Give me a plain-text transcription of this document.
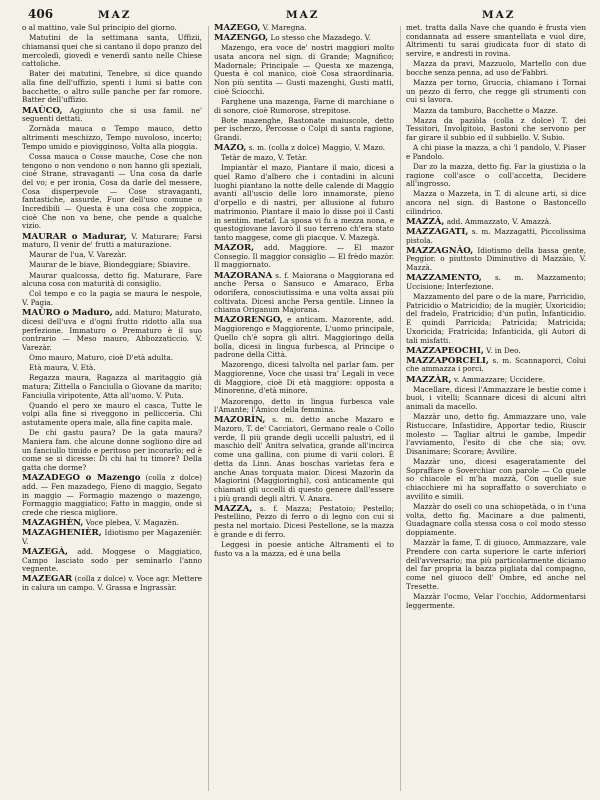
406	MAZ	MAZ	MAZ

o al mattino, vale Sul principio del giorno.

Matutini de la settimana santa, Uffizii, chiamansi quei che si cantano il dopo pranzo del mercoledì, giovedì e venerdì santo nelle Chiese cattoliche.

Bater dei matutini, Tenebre, si dice quando alla fine dell'uffizio, spenti i lumi si batte con bacchette, o altro sulle panche per far romore. Batter dell'uffizio.

MAÙCO, Aggiunto che si usa famil. ne' seguenti dettati.

Zornàda mauca o Tempo mauco, detto altrimenti meschizzo, Tempo nuvoloso, incerto; Tempo umido e piovigginoso, Volta alla pioggia.

Cossa mauca o Cosse mauche, Cose che non tengono o non vendono o non hanno gli speziali, cioè Strane, stravaganti — Una cosa da darle del vo; e per ironia, Cosa da darle del messere, Cosa disperpevole — Cose stravaganti, fantastiche, assurde, Fuor dell'uso comune o Incredibili — Questa è una cosa che zoppica, cioè Che non va bene, che pende a qualche vizio.

MAURAR o Madurar, V. Maturare; Farsi maturo, Il venir de' frutti a maturazione.

Maurar de l'ua, V. Varezàr.

Maurar de le biave, Biondeggiare; Sbiavire.

Maurar qualcossa, detto fig. Maturare, Fare alcuna cosa con maturità di consiglio.

Col tempo e co la pagia se maura le nespole, V. Pagia.

MAÙRO o Maduro, add. Maturo; Maturato, dicesi dell'uva e d'ogni frutto ridotto alla sua perfezione. Immaturo o Prematuro è il suo contrario — Meso mauro, Abbozzaticcio. V. Varezàr.

Omo mauro, Maturo, cioè D'età adulta.

Età maura, V. Età.

Regazza maura, Ragazza al maritaggio già matura; Zittella o Fanciulla o Giovane da marito; Fanciulla viripotente, Atta all'uomo. V. Puta.

Quando el pero xe mauro el casca, Tutte le volpi alla fine si riveggono in pellicceria. Chi astutamente opera male, alla fine capita male.

De chi gastu paura? De la gata maura? Maniera fam. che alcune donne sogliono dire ad un fanciullo timido e peritoso per incorarlo; ed è come se si dicesse: Di chi hai tu timore? Della gatta che dorme?

MAZADEGO o Mazengo (colla z dolce) add. — Fen mazadego, Fieno di maggio, Segato in maggio — Formagio mazengo o mazengo, Formaggio maggiatico; Fatto in maggio, onde si crede che riesca migliore.

MAZAGHÈN, Voce plebea, V. Magazèn.

MAZAGHENIÈR, Idiotismo per Magazenièr. V.

MAZEGÀ, add. Moggese o Maggiatico, Campo lasciato sodo per seminarlo l'anno vegnente.

MAZEGAR (colla z dolce) v. Voce agr. Mettere in calura un campo. V. Grassa e Ingrassàr.

MAZÈGO, V. Maregna.

MAZENGO, Lo stesso che Mazadego. V.

Mazengo, era voce de' nostri maggiori molto usata ancora nel sign. di Grande; Magnifico; Madornale; Principale — Questa xe mazenga, Questa è col manico, cioè Cosa straordinaria. Non più sentita — Gusti mazenghi, Gusti matti, cioè Sciocchi.

Farghene una mazenga, Farne di marchiane o di sonore, cioè Rumorose, strepitose.

Bote mazenghe, Bastonate maiuscole, detto per ischerzo, Percosse o Colpi di santa ragione, Grandi.

MAZO, s. m. (colla z dolce) Maggio, V. Mazo.

Tetàr de mazo, V. Tetàr.

Impiantàr el mazo, Piantare il maio, dicesi a quel Ramo d'albero che i contadini in alcuni luoghi piantano la notte delle calende di Maggio avanti all'uscio delle loro innamorate, pieno d'orpello e di nastri, per allusione al futuro matrimonio. Piantare il maio lo disse poi il Casti in sentim. metaf. La sposa vi fu a mezza nona, e questogiovane lavorò il suo terreno ch'era stato tanto maggese, come gli piacque. V. Mazegà.

MAZOR, add. Maggiore. — El mazor Consegio. Il maggior consiglio — El frèdo mazòr. Il maggiornato.

MAZORANA s. f. Maiorana o Maggiorana ed anche Persa o Sansuco e Amaraco, Erba odorifera, conosciutissima e una volta assai più coltivata. Dicesi anche Persa gentile. Linneo la chiama Origanum Majorana.

MAZORENGO, e anticam. Mazorente, add. Maggiorengo e Maggiorente, L'uomo principale, Quello ch'è sopra gli altri. Maggioringo della bolla, dicesi in lingua furbesca, al Principe o padrone della Città.

Mazorengo, dicesi talvolta nel parlar fam. per Maggiorenne, Voce che usasi tra' Legali in vece di Maggiore, cioè Di età maggiore: opposta a Minorenne, d'età minore.

Mazorengo, detto in lingua furbesca vale l'Amante; l'Amico della femmina.

MAZORÌN, s. m. detto anche Mazaro e Mazoro, T. de' Cacciatori, Germano reale o Collo verde, Il più grande degli uccelli palustri, ed il maschio dell' Anitra selvatica, grande all'incirca come una gallina, con piume di varii colori. È detta da Linn. Anas boschas varietas fera e anche Anas torquata maior. Dicesi Mazorìn da Magiorini (Maggioringhi), così anticamente qui chiamati gli uccelli di questo genere dall'essere i più grandi degli altri. V. Anara.

MAZZA, s. f. Mazza; Pestatoio; Pestello; Pestellino, Pezzo di ferro o di legno con cui si pesta nel mortaio. Dicesi Pestellone, se la mazza è grande e di ferro.

Leggesi in poesie antiche Altramenti el to fusto va a la mazza, ed è una bella

met. tratta dalla Nave che quando è frusta vien condannata ad essere smantellata e vuol dire, Altrimenti tu sarai giudicata fuor di stato di servire, e andresti in rovina.

Mazza da pravi, Mazzuolo, Martello con due bocche senza penna, ad uso de'Fabbri.

Mazza per torno, Gruccia, chiamano i Tornai un pezzo di ferro, che regge gli strumenti con cui si lavora.

Mazza da tamburo, Bacchette o Mazze.

Mazza da paziòla (colla z dolce) T. dei Tessitori, Involgitoio, Bastoni che servono per far girare il subbio ed il subbiello. V. Subio.

A chi piase la mazza, a chi 'l pandolo, V. Piaser e Pandolo.

Dar zo la mazza, detto fig. Far la giustizia o la ragione coll'asce o coll'accetta, Decidere all'ingrosso.

Mazza o Mazzeta, in T. di alcune arti, si dice ancora nel sign. di Bastone o Bastoncello cilindrico.

MAZZÀ, add. Ammazzato, V. Amazzà.

MAZZAGATI, s. m. Mazzagatti, Piccolissima pistola.

MAZZAGNÀO, Idiotismo della bassa gente, Peggior. o piuttosto Diminutivo di Mazzàio, V. Mazzà.

MAZZAMENTO, s. m. Mazzamento; Uccisione; Interfezione.

Mazzamento del pare o de la mare, Parricidio, Patricidio o Matricidio; de la mugièr, Uxoricidio; del fradelo, Fratricidio; d'un putìn, Infanticidio. E quindi Parricida; Patricida; Matricida; Uxoricida; Fratricida; Infanticida, gli Autori di tali misfatti.

MAZZAPEOCHI, V. in Deo.

MAZZAPORCELI, s. m. Scannaporci, Colui che ammazza i porci.

MAZZÀR, v. Ammazzare; Uccidere.

Macellare, dicesi l'Ammazzare le bestie come i buoi, i vitelli; Scannare dicesi di alcuni altri animali da macello.

Mazzàr uno, detto fig. Ammazzare uno, vale Ristuccare, Infastidire, Apportar tedio, Riuscir molesto — Tagliar altrui le gambe, Impedir l'avviamento, l'esito di che che sia; ovv. Disanimare; Scorare; Avvilire.

Mazzàr uno, dicesi esageratamente del Sopraffare o Soverchiar con parole — Co quele so chiacole el m'ha mazzà, Con quelle sue chiacchiere mi ha sopraffatto o soverchiato o avvilito e simili.

Mazzàr do oseli co una schiopetàda, o in t'una volta, detto fig. Macinare a due palmenti, Guadagnare colla stessa cosa o col modo stesso doppiamente.

Mazzàr la fame, T. di giuoco, Ammazzare, vale Prendere con carta superiore le carte inferiori dell'avversario; ma più particolarmente diciamo del far propria la bazza pigliata dal compagno, come nel giuoco dell' Ombre, ed anche nel Tresette.

Mazzàr l'ocmo, Velar l'occhio, Addormentarsi leggermente.
